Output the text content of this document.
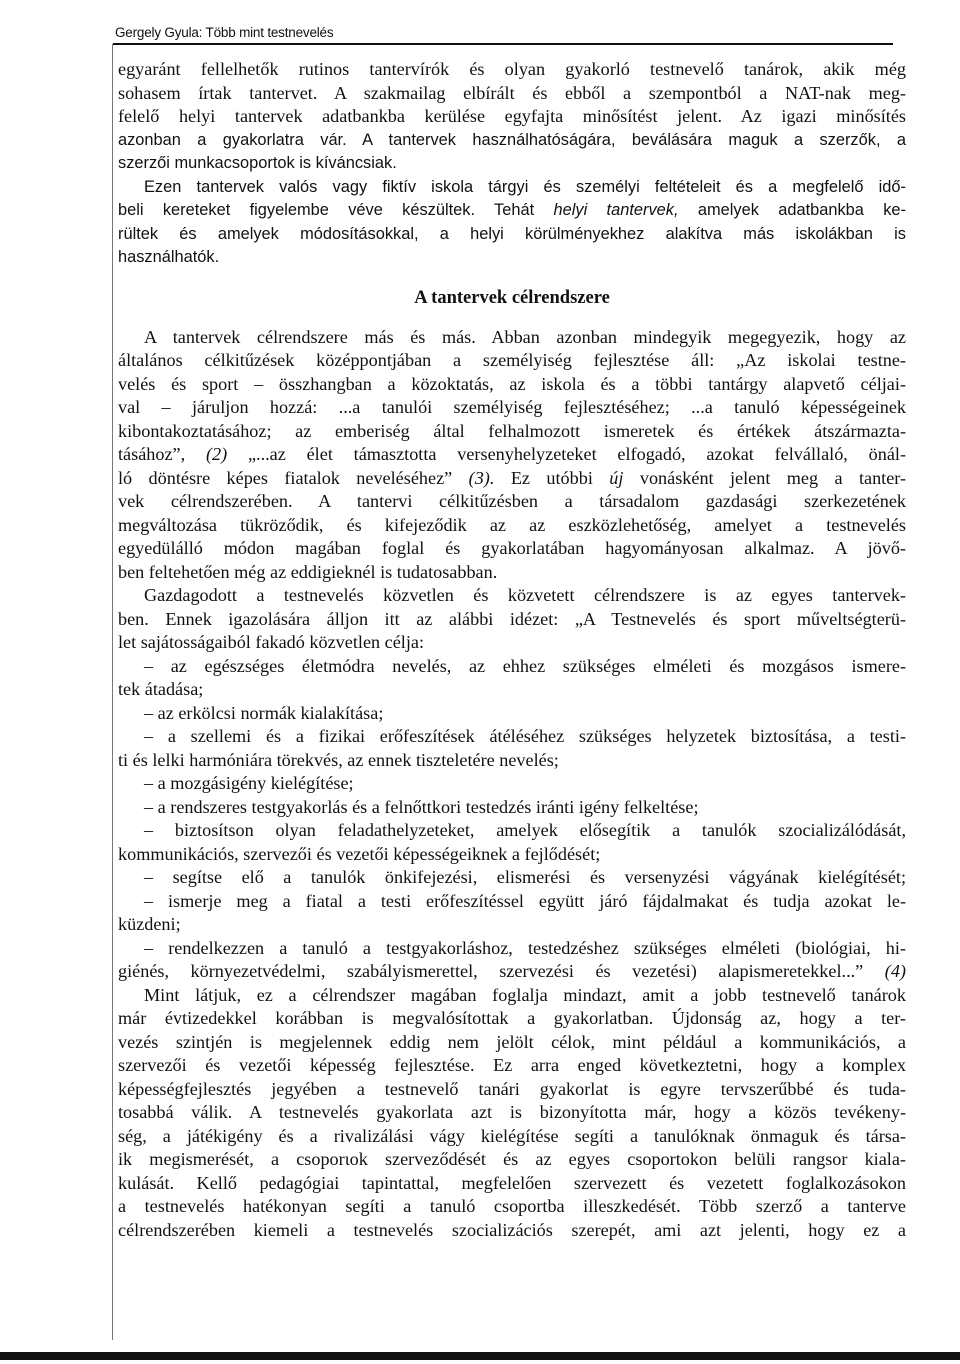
Gergely Gyula: Több mint testnevelés

egyaránt fellelhetők rutinos tantervírók és olyan gyakorló testnevelő tanárok, akik még

sohasem írtak tantervet. A szakmailag elbírált és ebből a szempontból a NAT-nak meg-

felelő helyi tantervek adatbankba kerülése egyfajta minősítést jelent. Az igazi minősítés

azonban a gyakorlatra vár. A tantervek használhatóságára, beválására maguk a szerzők, a

szerzői munkacsoportok is kíváncsiak.

Ezen tantervek valós vagy fiktív iskola tárgyi és személyi feltételeit és a megfelelő idő-

beli kereteket figyelembe véve készültek. Tehát helyi tantervek, amelyek adatbankba ke-

rültek és amelyek módosításokkal, a helyi körülményekhez alakítva más iskolákban is

használhatók.

A tantervek célrendszere

A tantervek célrendszere más és más. Abban azonban mindegyik megegyezik, hogy az

általános célkitűzések középpontjában a személyiség fejlesztése áll: „Az iskolai testne-

velés és sport – összhangban a közoktatás, az iskola és a többi tantárgy alapvető céljai-

val – járuljon hozzá: ...a tanulói személyiség fejlesztéséhez; ...a tanuló képességeinek

kibontakoztatásához; az emberiség által felhalmozott ismeretek és értékek átszármazta-

tásához”, (2) „...az élet támasztotta versenyhelyzeteket elfogadó, azokat felvállaló, önál-

ló döntésre képes fiatalok neveléséhez” (3). Ez utóbbi új vonásként jelent meg a tanter-

vek célrendszerében. A tantervi célkitűzésben a társadalom gazdasági szerkezetének

megváltozása tükröződik, és kifejeződik az az eszközlehetőség, amelyet a testnevelés

egyedülálló módon magában foglal és gyakorlatában hagyományosan alkalmaz. A jövő-

ben feltehetően még az eddigieknél is tudatosabban.

Gazdagodott a testnevelés közvetlen és közvetett célrendszere is az egyes tantervek-

ben. Ennek igazolására álljon itt az alábbi idézet: „A Testnevelés és sport műveltségterü-

let sajátosságaiból fakadó közvetlen célja:

– az egészséges életmódra nevelés, az ehhez szükséges elméleti és mozgásos ismere-

tek átadása;

– az erkölcsi normák kialakítása;

– a szellemi és a fizikai erőfeszítések átéléséhez szükséges helyzetek biztosítása, a testi-

ti és lelki harmóniára törekvés, az ennek tiszteletére nevelés;

– a mozgásigény kielégítése;

– a rendszeres testgyakorlás és a felnőttkori testedzés iránti igény felkeltése;

– biztosítson olyan feladathelyzeteket, amelyek elősegítik a tanulók szocializálódását,

kommunikációs, szervezői és vezetői képességeiknek a fejlődését;

– segítse elő a tanulók önkifejezési, elismerési és versenyzési vágyának kielégítését;

– ismerje meg a fiatal a testi erőfeszítéssel együtt járó fájdalmakat és tudja azokat le-

küzdeni;

– rendelkezzen a tanuló a testgyakorláshoz, testedzéshez szükséges elméleti (biológiai, hi-

giénés, környezetvédelmi, szabályismerettel, szervezési és vezetési) alapismeretekkel...” (4)

Mint látjuk, ez a célrendszer magában foglalja mindazt, amit a jobb testnevelő tanárok

már évtizedekkel korábban is megvalósítottak a gyakorlatban. Újdonság az, hogy a ter-

vezés szintjén is megjelennek eddig nem jelölt célok, mint például a kommunikációs, a

szervezői és vezetői képesség fejlesztése. Ez arra enged következtetni, hogy a komplex

képességfejlesztés jegyében a testnevelő tanári gyakorlat is egyre tervszerűbbé és tuda-

tosabbá válik. A testnevelés gyakorlata azt is bizonyította már, hogy a közös tevékeny-

ség, a játékigény és a rivalizálási vágy kielégítése segíti a tanulóknak önmaguk és társa-

ik megismerését, a csoporιok szerveződését és az egyes csoportokon belüli rangsor kiala-

kulását. Kellő pedagógiai tapintattal, megfelelően szervezett és vezetett foglalkozásokon

a testnevelés hatékonyan segíti a tanuló csoportba illeszkedését. Több szerző a tanterve

célrendszerében kiemeli a testnevelés szocializációs szerepét, ami azt jelenti, hogy ez a
